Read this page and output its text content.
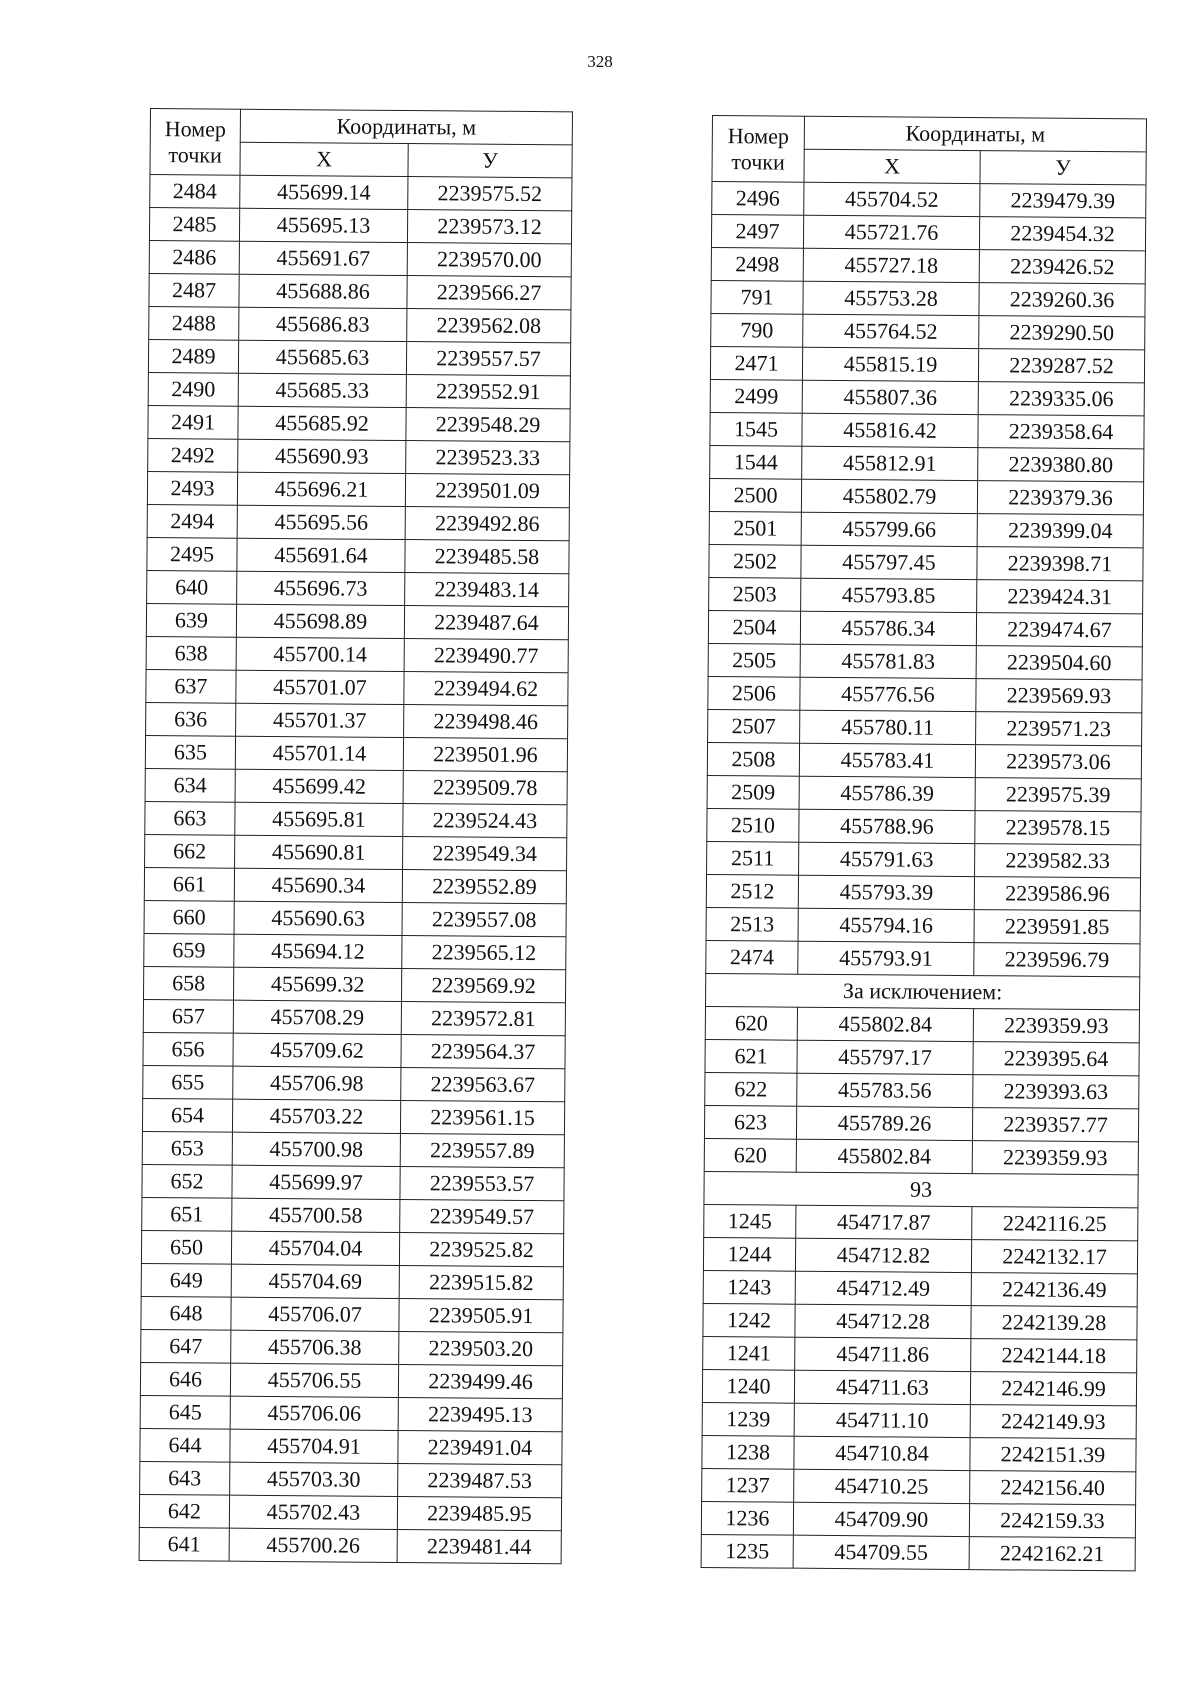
328
Номер
точки	Координаты, м	
	Х	У
2484	455699.14	2239575.52
2485	455695.13	2239573.12
2486	455691.67	2239570.00
2487	455688.86	2239566.27
2488	455686.83	2239562.08
2489	455685.63	2239557.57
2490	455685.33	2239552.91
2491	455685.92	2239548.29
2492	455690.93	2239523.33
2493	455696.21	2239501.09
2494	455695.56	2239492.86
2495	455691.64	2239485.58
640	455696.73	2239483.14
639	455698.89	2239487.64
638	455700.14	2239490.77
637	455701.07	2239494.62
636	455701.37	2239498.46
635	455701.14	2239501.96
634	455699.42	2239509.78
663	455695.81	2239524.43
662	455690.81	2239549.34
661	455690.34	2239552.89
660	455690.63	2239557.08
659	455694.12	2239565.12
658	455699.32	2239569.92
657	455708.29	2239572.81
656	455709.62	2239564.37
655	455706.98	2239563.67
654	455703.22	2239561.15
653	455700.98	2239557.89
652	455699.97	2239553.57
651	455700.58	2239549.57
650	455704.04	2239525.82
649	455704.69	2239515.82
648	455706.07	2239505.91
647	455706.38	2239503.20
646	455706.55	2239499.46
645	455706.06	2239495.13
644	455704.91	2239491.04
643	455703.30	2239487.53
642	455702.43	2239485.95
641	455700.26	2239481.44
Номер
точки	Координаты, м	
	Х	У
2496	455704.52	2239479.39
2497	455721.76	2239454.32
2498	455727.18	2239426.52
791	455753.28	2239260.36
790	455764.52	2239290.50
2471	455815.19	2239287.52
2499	455807.36	2239335.06
1545	455816.42	2239358.64
1544	455812.91	2239380.80
2500	455802.79	2239379.36
2501	455799.66	2239399.04
2502	455797.45	2239398.71
2503	455793.85	2239424.31
2504	455786.34	2239474.67
2505	455781.83	2239504.60
2506	455776.56	2239569.93
2507	455780.11	2239571.23
2508	455783.41	2239573.06
2509	455786.39	2239575.39
2510	455788.96	2239578.15
2511	455791.63	2239582.33
2512	455793.39	2239586.96
2513	455794.16	2239591.85
2474	455793.91	2239596.79
За исключением:		
620	455802.84	2239359.93
621	455797.17	2239395.64
622	455783.56	2239393.63
623	455789.26	2239357.77
620	455802.84	2239359.93
93		
1245	454717.87	2242116.25
1244	454712.82	2242132.17
1243	454712.49	2242136.49
1242	454712.28	2242139.28
1241	454711.86	2242144.18
1240	454711.63	2242146.99
1239	454711.10	2242149.93
1238	454710.84	2242151.39
1237	454710.25	2242156.40
1236	454709.90	2242159.33
1235	454709.55	2242162.21
